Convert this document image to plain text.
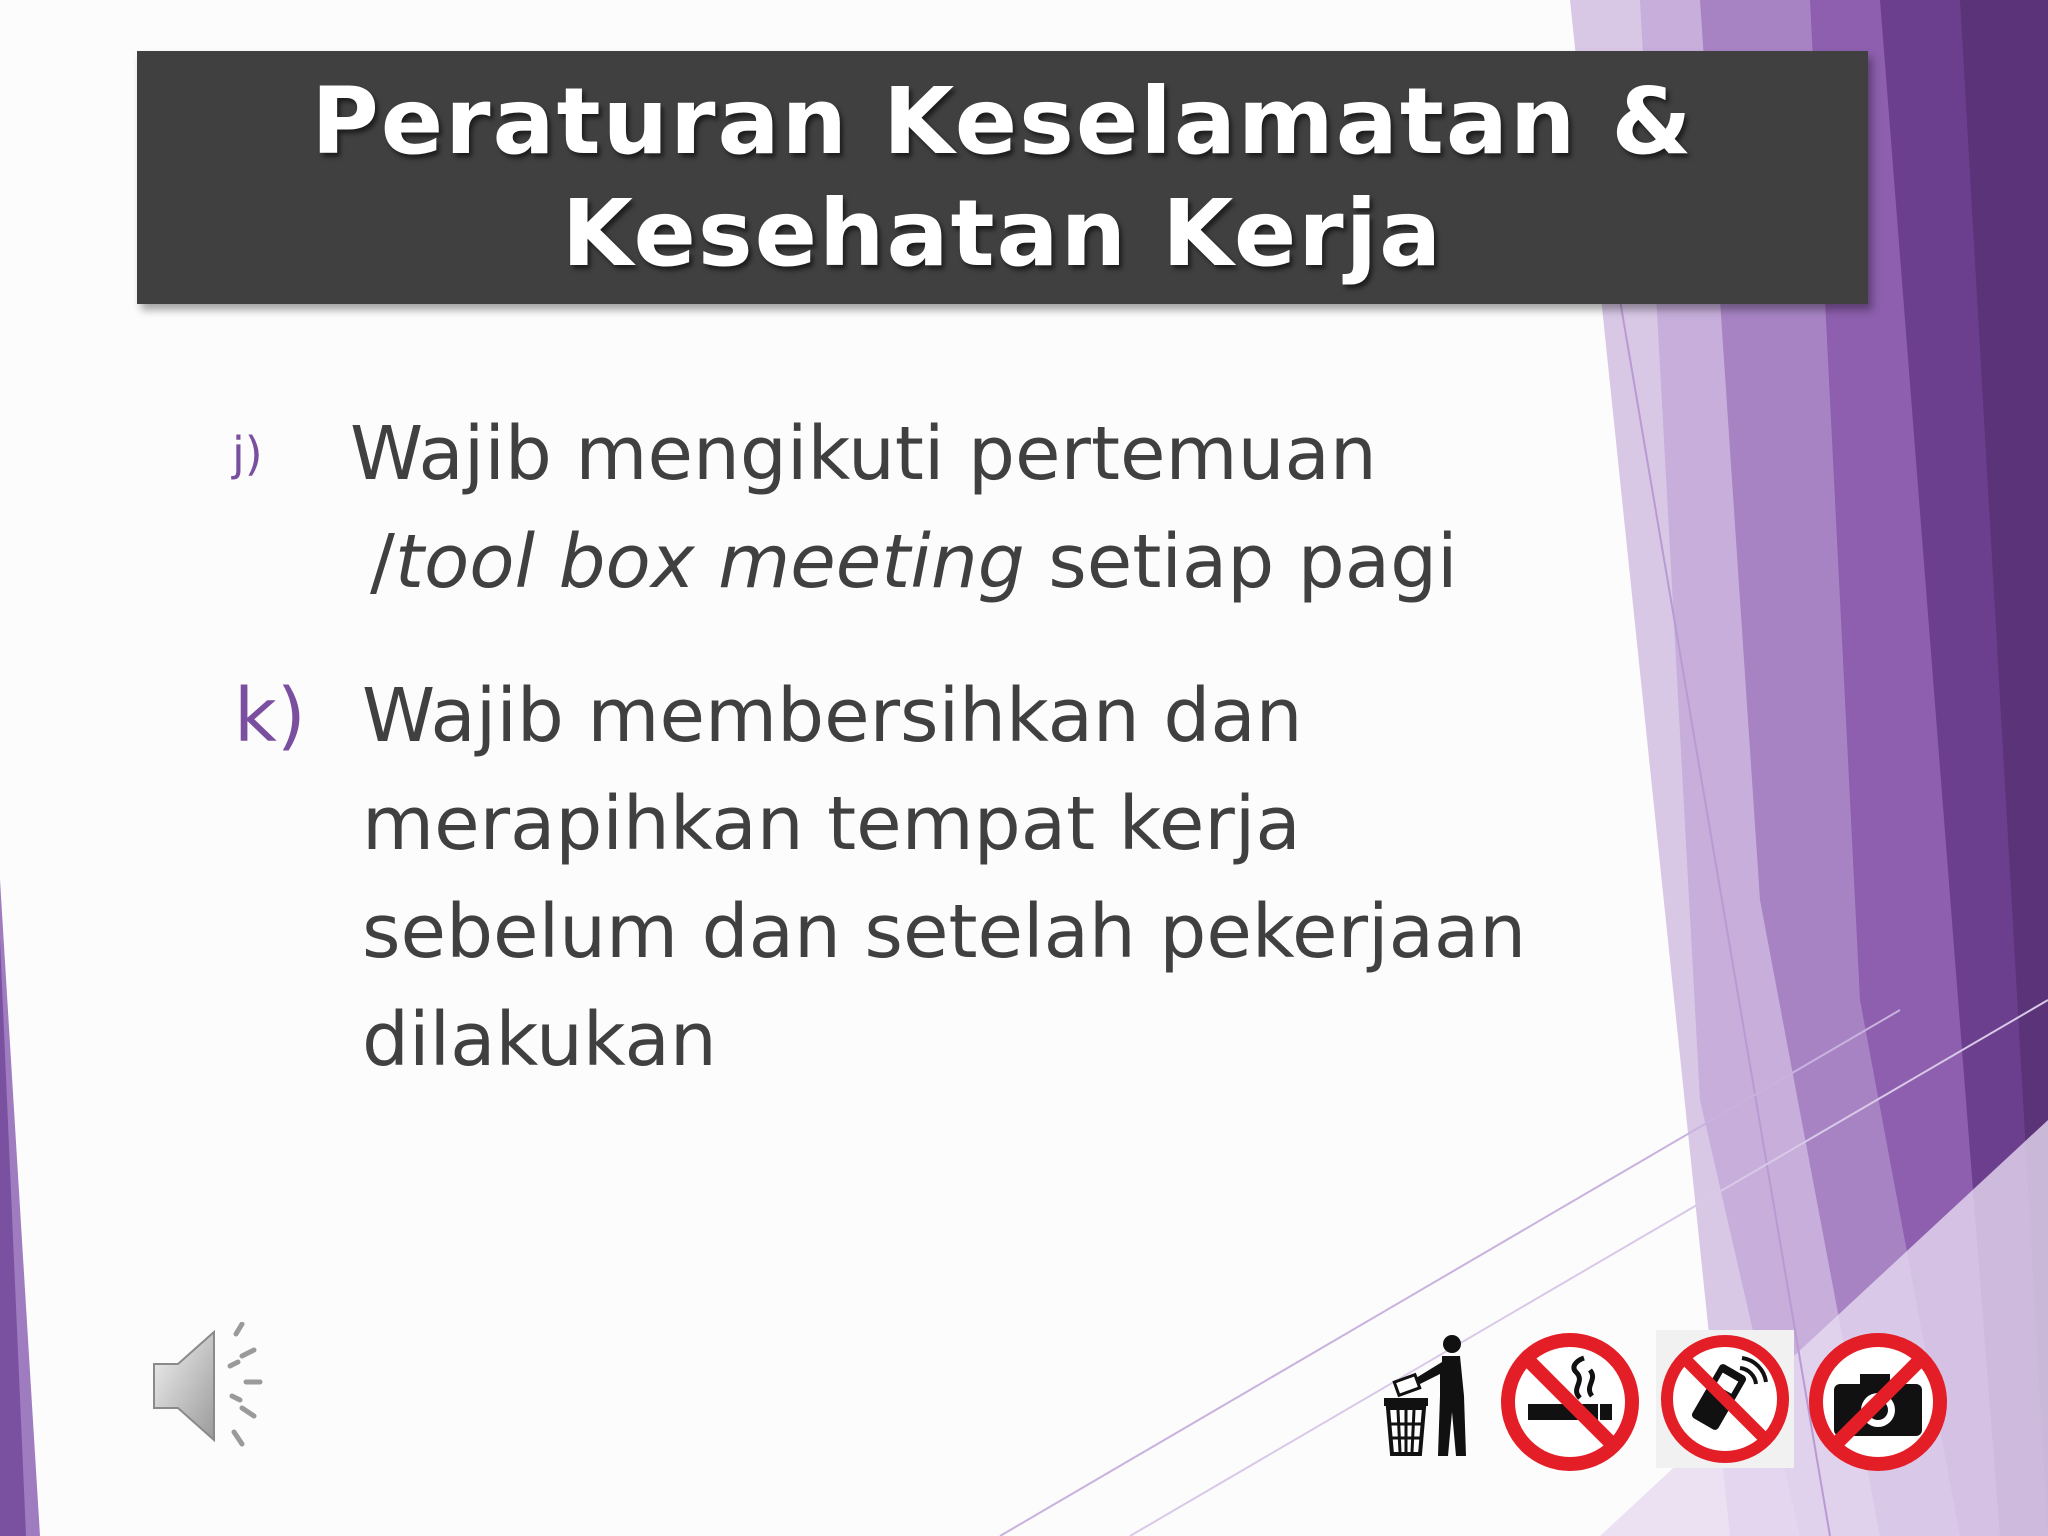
Peraturan Keselamatan &
Kesehatan Kerja
j) Wajib mengikuti pertemuan
/tool box meeting setiap pagi
k) Wajib membersihkan dan
merapihkan tempat kerja
sebelum dan setelah pekerjaan
dilakukan
